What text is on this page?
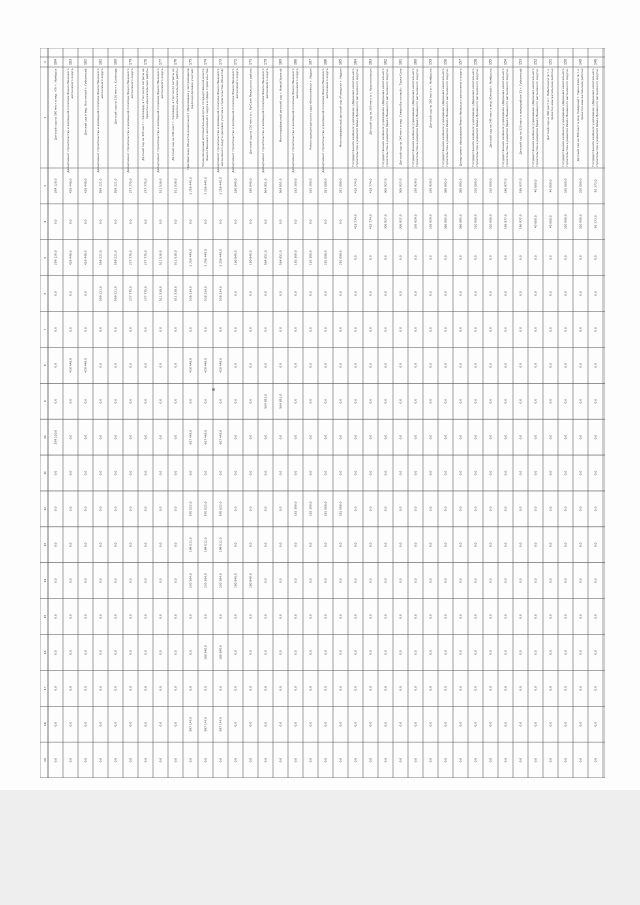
1
2
3
4
5
6
7
8
9
10
11
12
13
14
15
16
17
18
19
148
Государственное казённое учреждение «Дирекция капитальногостроительства и развития Ямало-Ненецкого автономного округа»
92 373,0
92 373,0
0,0
0,0
0,0
0,0
0,0
0,0
0,0
0,0
0,0
0,0
0,0
0,0
0,0
0,0
0,0
149
Детский сад на 300 мест в мкр. Северный г. Тарко-Сале (в т.ч.проектно-изыскательские работы)
320 000,0
320 000,0
0,0
0,0
0,0
0,0
0,0
0,0
0,0
0,0
0,0
0,0
0,0
0,0
0,0
0,0
0,0
150
Государственное казённое учреждение «Дирекция капитальногостроительства и развития Ямало-Ненецкого автономного округа»
320 000,0
320 000,0
0,0
0,0
0,0
0,0
0,0
0,0
0,0
0,0
0,0
0,0
0,0
0,0
0,0
0,0
0,0
151
Детский сад на 300 мест в г. Лабытнанги (в т.ч.проектно-изыскательские работы)
40 000,0
40 000,0
0,0
0,0
0,0
0,0
0,0
0,0
0,0
0,0
0,0
0,0
0,0
0,0
0,0
0,0
0,0
152
Государственное казённое учреждение «Дирекция капитальногостроительства и развития Ямало-Ненецкого автономного округа»
40 000,0
40 000,0
0,0
0,0
0,0
0,0
0,0
0,0
0,0
0,0
0,0
0,0
0,0
0,0
0,0
0,0
0,0
153
Детский сад на 320 мест в микрорайоне 11 г. Губкинский
196 977,0
196 977,0
0,0
0,0
0,0
0,0
0,0
0,0
0,0
0,0
0,0
0,0
0,0
0,0
0,0
0,0
0,0
154
Государственное казённое учреждение «Дирекция капитальногостроительства и развития Ямало-Ненецкого автономного округа»
196 977,0
196 977,0
0,0
0,0
0,0
0,0
0,0
0,0
0,0
0,0
0,0
0,0
0,0
0,0
0,0
0,0
0,0
155
Детский сад на 240 мест в мкр. Южный г. Ноябрьска
310 000,0
310 000,0
0,0
0,0
0,0
0,0
0,0
0,0
0,0
0,0
0,0
0,0
0,0
0,0
0,0
0,0
0,0
156
Государственное казённое учреждение «Дирекция капитальногостроительства и развития Ямало-Ненецкого автономного округа»
310 000,0
310 000,0
0,0
0,0
0,0
0,0
0,0
0,0
0,0
0,0
0,0
0,0
0,0
0,0
0,0
0,0
0,0
157
Департамент образования Ямало-Ненецкого автономного округа
386 893,0
386 893,0
0,0
0,0
0,0
0,0
0,0
0,0
0,0
0,0
0,0
0,0
0,0
0,0
0,0
0,0
0,0
158
Государственное казённое учреждение «Дирекция капитальногостроительства и развития Ямало-Ненецкого автономного округа»
386 893,0
386 893,0
0,0
0,0
0,0
0,0
0,0
0,0
0,0
0,0
0,0
0,0
0,0
0,0
0,0
0,0
0,0
159
Детский сад на 350 мест в г. Ноябрьске
336 929,0
336 929,0
0,0
0,0
0,0
0,0
0,0
0,0
0,0
0,0
0,0
0,0
0,0
0,0
0,0
0,0
0,0
160
Государственное казённое учреждение «Дирекция капитальногостроительства и развития Ямало-Ненецкого автономного округа»
336 929,0
336 929,0
0,0
0,0
0,0
0,0
0,0
0,0
0,0
0,0
0,0
0,0
0,0
0,0
0,0
0,0
0,0
161
Детский сад на 240 мест в мкр. Северо-Восточный г. Тарко-Сале
306 927,0
306 927,0
0,0
0,0
0,0
0,0
0,0
0,0
0,0
0,0
0,0
0,0
0,0
0,0
0,0
0,0
0,0
162
Государственное казённое учреждение «Дирекция капитальногостроительства и развития Ямало-Ненецкого автономного округа»
306 927,0
306 927,0
0,0
0,0
0,0
0,0
0,0
0,0
0,0
0,0
0,0
0,0
0,0
0,0
0,0
0,0
0,0
163
Детский сад на 360 мест в г. Красноселькуп
418 774,0
418 774,0
0,0
0,0
0,0
0,0
0,0
0,0
0,0
0,0
0,0
0,0
0,0
0,0
0,0
0,0
0,0
164
Государственное казённое учреждение «Дирекция капитальногостроительства и развития Ямало-Ненецкого автономного округа»
418 774,0
418 774,0
0,0
0,0
0,0
0,0
0,0
0,0
0,0
0,0
0,0
0,0
0,0
0,0
0,0
0,0
0,0
165
Многопрофильный детский сад «Ромашка» г. Надым
281 088,0
0,0
281 088,0
0,0
0,0
0,0
0,0
0,0
0,0
281 088,0
0,0
0,0
0,0
0,0
0,0
0,0
0,0
166
Департамент строительства и жилищной политики Ямало-Ненецкогоавтономного округа
281 088,0
0,0
281 088,0
0,0
0,0
0,0
0,0
0,0
0,0
281 088,0
0,0
0,0
0,0
0,0
0,0
0,0
0,0
167
Реконструкция детского сада «Белоснежка» г. Надым
183 300,0
0,0
183 300,0
0,0
0,0
0,0
0,0
0,0
0,0
183 300,0
0,0
0,0
0,0
0,0
0,0
0,0
0,0
168
Департамент строительства и жилищной политики Ямало-Ненецкогоавтономного округа
183 300,0
0,0
183 300,0
0,0
0,0
0,0
0,0
0,0
0,0
183 300,0
0,0
0,0
0,0
0,0
0,0
0,0
0,0
169
Многопрофильный детский сад г. Новый Уренгой
564 851,0
0,0
564 851,0
0,0
0,0
0,0
564 851,0
0,0
0,0
0,0
0,0
0,0
0,0
0,0
0,0
0,0
0,0
170
Департамент строительства и жилищной политики Ямало-Ненецкогоавтономного округа
564 851,0
0,0
564 851,0
0,0
0,0
0,0
564 851,0
0,0
0,0
0,0
0,0
0,0
0,0
0,0
0,0
0,0
0,0
171
Детский сад на 220 мест в с. Яр-Сале Ямальского района
180 840,0
0,0
180 840,0
0,0
0,0
0,0
0,0
0,0
0,0
0,0
0,0
180 840,0
0,0
0,0
0,0
0,0
0,0
172
Департамент строительства и жилищной политики Ямало-Ненецкогоавтономного округа
180 840,0
0,0
180 840,0
0,0
0,0
0,0
0,0
0,0
0,0
0,0
0,0
180 840,0
0,0
0,0
0,0
0,0
0,0
173
Департамент строительства и жилищной политики Ямало-Ненецкогоавтономного округа (долевое участие в строительстве объектов)
3 256 445,0
0,0
3 256 445,0
538 334,0
0,0
428 448,0
0,0
667 445,0
0,0
570 022,0
199 011,0
220 384,0
0,0
180 840,0
0,0
597 147,0
0,0
174
Уполномоченный исполнительный орган государственной властиЯмало-Ненецкого автономного округа в сфере строительства
3 256 445,0
0,0
3 256 445,0
538 334,0
0,0
428 448,0
0,0
667 445,0
0,0
570 022,0
199 011,0
220 384,0
0,0
180 840,0
0,0
597 147,0
0,0
175
Приобретение объектов дошкольного образования у застройщиков(включая долевое участие)
3 256 445,0
0,0
3 256 445,0
538 334,0
0,0
428 448,0
0,0
667 445,0
0,0
570 022,0
199 011,0
220 384,0
0,0
0,0
0,0
597 147,0
0,0
176
Детский сад на 240 мест г. Салехард, в том числе затраты напроектно-изыскательские работы
511 538,0
0,0
511 538,0
511 538,0
0,0
0,0
0,0
0,0
0,0
0,0
0,0
0,0
0,0
0,0
0,0
0,0
0,0
177
Департамент строительства и жилищной политики Ямало-Ненецкогоавтономного округа
511 538,0
0,0
511 538,0
511 538,0
0,0
0,0
0,0
0,0
0,0
0,0
0,0
0,0
0,0
0,0
0,0
0,0
0,0
178
Детский сад на 120 мест г. Салехард, в том числе затраты напроектно-изыскательские работы
277 775,0
0,0
277 775,0
277 775,0
0,0
0,0
0,0
0,0
0,0
0,0
0,0
0,0
0,0
0,0
0,0
0,0
0,0
179
Департамент строительства и жилищной политики Ямало-Ненецкогоавтономного округа
277 775,0
0,0
277 775,0
277 775,0
0,0
0,0
0,0
0,0
0,0
0,0
0,0
0,0
0,0
0,0
0,0
0,0
0,0
180
Детский сад на 120 мест г. Салехард
559 221,0
0,0
559 221,0
559 221,0
0,0
0,0
0,0
0,0
0,0
0,0
0,0
0,0
0,0
0,0
0,0
0,0
0,0
181
Департамент строительства и жилищной политики Ямало-Ненецкогоавтономного округа
559 221,0
0,0
559 221,0
559 221,0
0,0
0,0
0,0
0,0
0,0
0,0
0,0
0,0
0,0
0,0
0,0
0,0
0,0
182
Детский сад в мкр. Восточный г. Губкинский
428 448,0
0,0
428 448,0
0,0
0,0
428 448,0
0,0
0,0
0,0
0,0
0,0
0,0
0,0
0,0
0,0
0,0
0,0
183
Департамент строительства и жилищной политики Ямало-Ненецкогоавтономного округа
428 448,0
0,0
428 448,0
0,0
0,0
428 448,0
0,0
0,0
0,0
0,0
0,0
0,0
0,0
0,0
0,0
0,0
0,0
184
Детский сад на 360 мест в мкр. «П» г. Ноябрьск
259 120,0
0,0
259 120,0
0,0
0,0
0,0
0,0
259 120,0
0,0
0,0
0,0
0,0
0,0
0,0
0,0
0,0
0,0
